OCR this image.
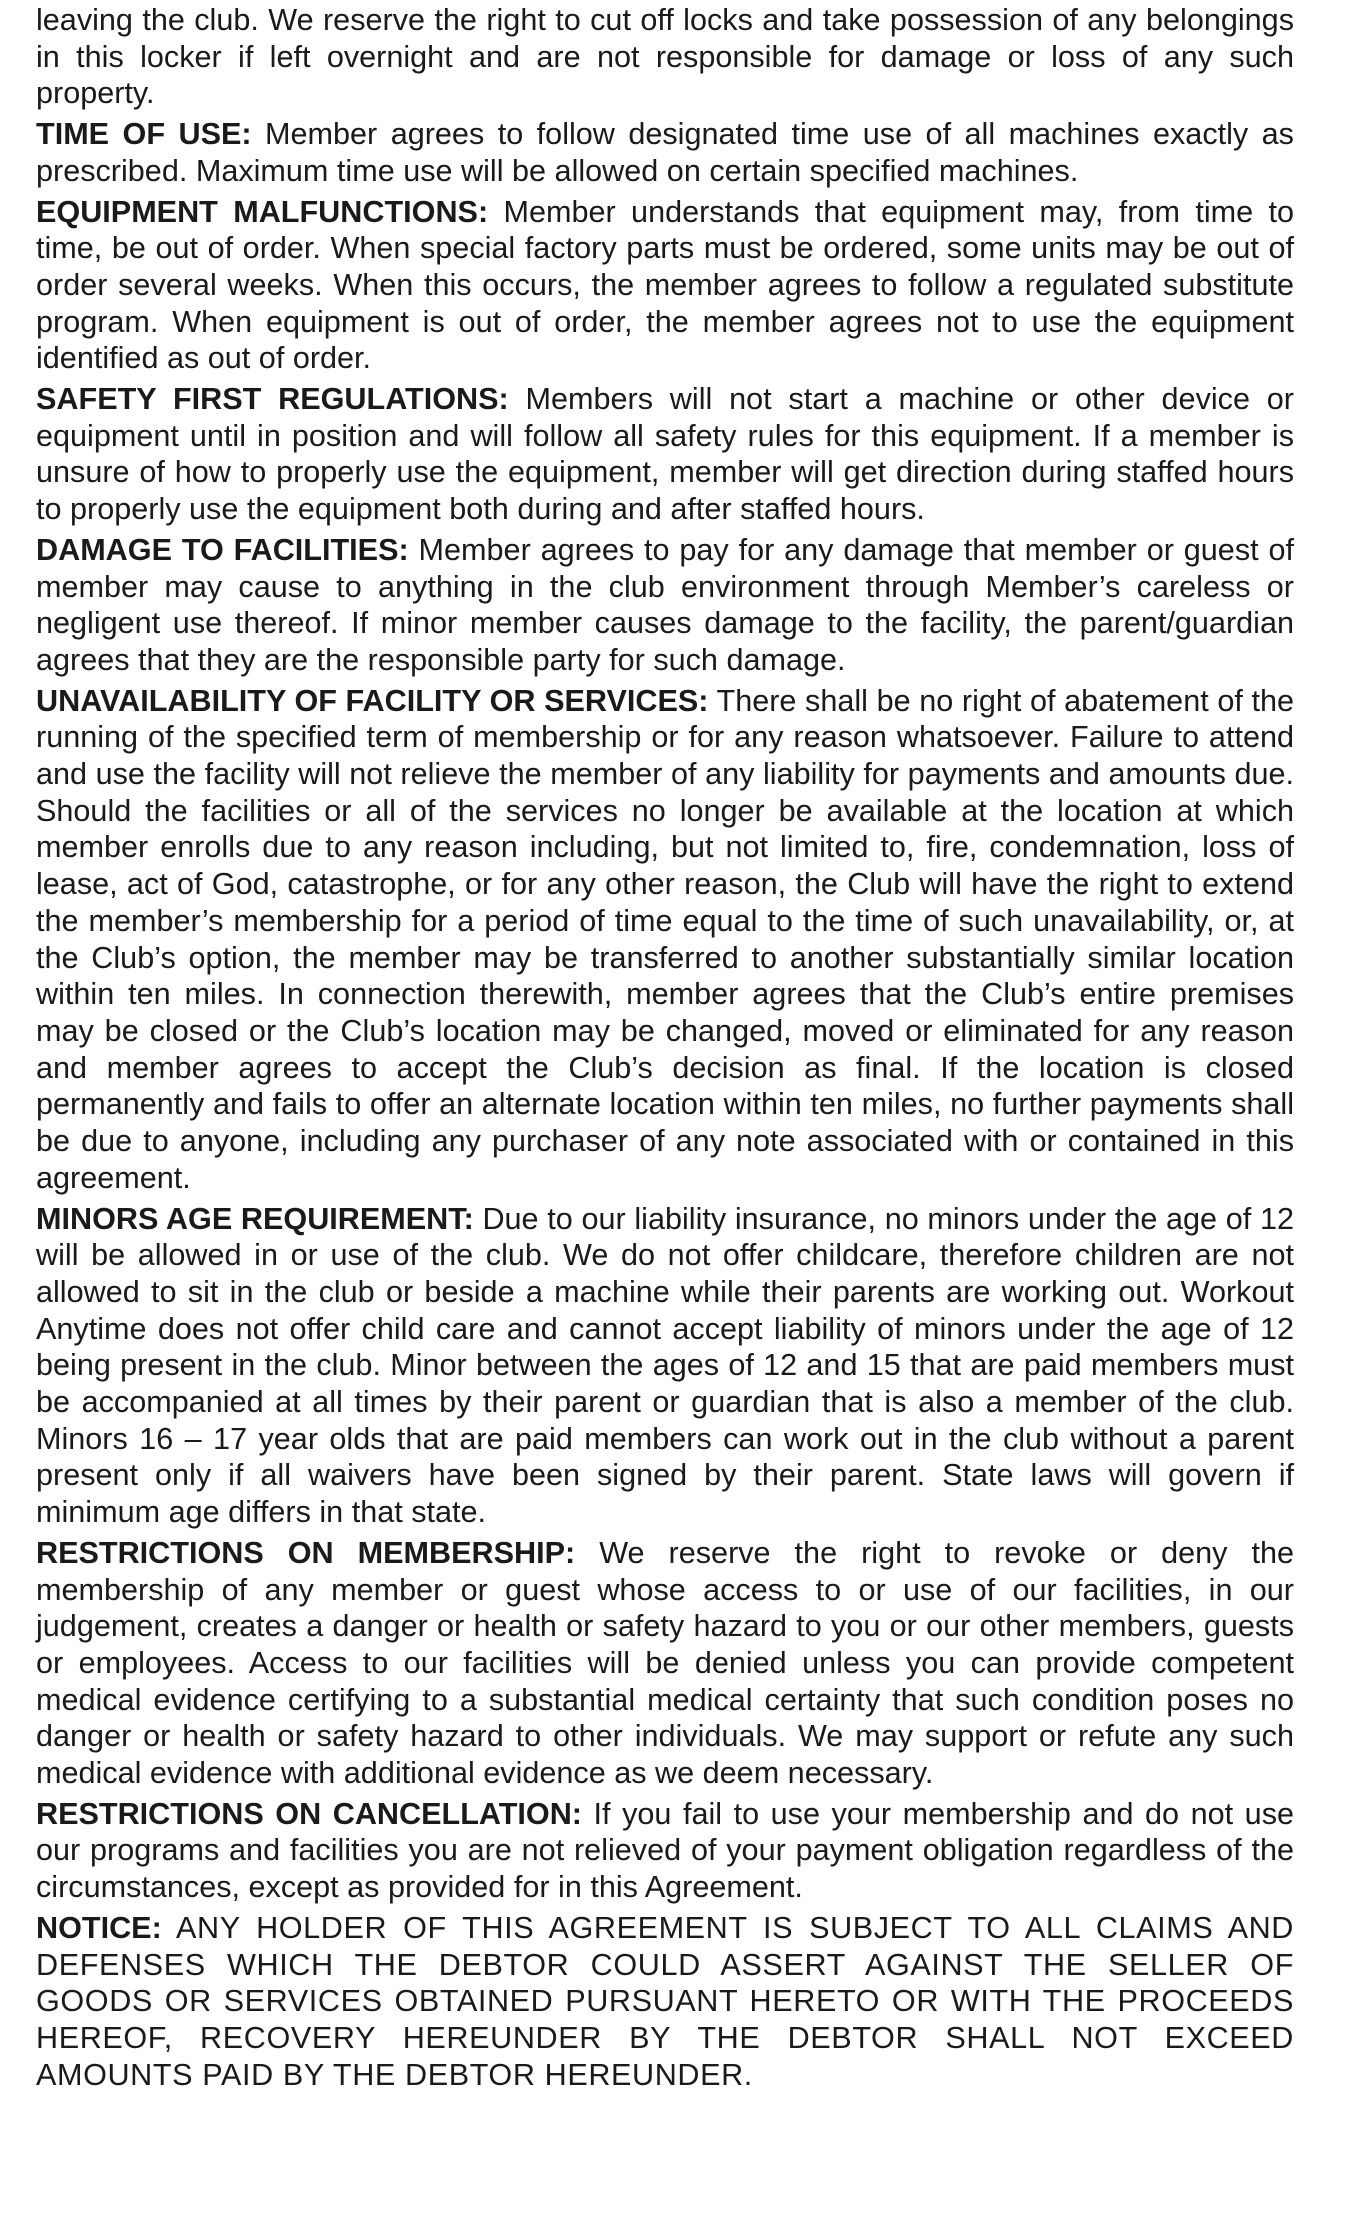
leaving the club. We reserve the right to cut off locks and take possession of any belongings in this locker if left overnight and are not responsible for damage or loss of any such property.

TIME OF USE: Member agrees to follow designated time use of all machines exactly as prescribed. Maximum time use will be allowed on certain specified machines.

EQUIPMENT MALFUNCTIONS: Member understands that equipment may, from time to time, be out of order. When special factory parts must be ordered, some units may be out of order several weeks. When this occurs, the member agrees to follow a regulated substitute program. When equipment is out of order, the member agrees not to use the equipment identified as out of order.

SAFETY FIRST REGULATIONS: Members will not start a machine or other device or equipment until in position and will follow all safety rules for this equipment. If a member is unsure of how to properly use the equipment, member will get direction during staffed hours to properly use the equipment both during and after staffed hours.

DAMAGE TO FACILITIES: Member agrees to pay for any damage that member or guest of member may cause to anything in the club environment through Member’s careless or negligent use thereof. If minor member causes damage to the facility, the parent/guardian agrees that they are the responsible party for such damage.

UNAVAILABILITY OF FACILITY OR SERVICES: There shall be no right of abatement of the running of the specified term of membership or for any reason whatsoever. Failure to attend and use the facility will not relieve the member of any liability for payments and amounts due. Should the facilities or all of the services no longer be available at the location at which member enrolls due to any reason including, but not limited to, fire, condemnation, loss of lease, act of God, catastrophe, or for any other reason, the Club will have the right to extend the member’s membership for a period of time equal to the time of such unavailability, or, at the Club’s option, the member may be transferred to another substantially similar location within ten miles. In connection therewith, member agrees that the Club’s entire premises may be closed or the Club’s location may be changed, moved or eliminated for any reason and member agrees to accept the Club’s decision as final. If the location is closed permanently and fails to offer an alternate location within ten miles, no further payments shall be due to anyone, including any purchaser of any note associated with or contained in this agreement.

MINORS AGE REQUIREMENT: Due to our liability insurance, no minors under the age of 12 will be allowed in or use of the club. We do not offer childcare, therefore children are not allowed to sit in the club or beside a machine while their parents are working out. Workout Anytime does not offer child care and cannot accept liability of minors under the age of 12 being present in the club. Minor between the ages of 12 and 15 that are paid members must be accompanied at all times by their parent or guardian that is also a member of the club. Minors 16 – 17 year olds that are paid members can work out in the club without a parent present only if all waivers have been signed by their parent. State laws will govern if minimum age differs in that state.

RESTRICTIONS ON MEMBERSHIP: We reserve the right to revoke or deny the membership of any member or guest whose access to or use of our facilities, in our judgement, creates a danger or health or safety hazard to you or our other members, guests or employees. Access to our facilities will be denied unless you can provide competent medical evidence certifying to a substantial medical certainty that such condition poses no danger or health or safety hazard to other individuals. We may support or refute any such medical evidence with additional evidence as we deem necessary.

RESTRICTIONS ON CANCELLATION: If you fail to use your membership and do not use our programs and facilities you are not relieved of your payment obligation regardless of the circumstances, except as provided for in this Agreement.

NOTICE: ANY HOLDER OF THIS AGREEMENT IS SUBJECT TO ALL CLAIMS AND DEFENSES WHICH THE DEBTOR COULD ASSERT AGAINST THE SELLER OF GOODS OR SERVICES OBTAINED PURSUANT HERETO OR WITH THE PROCEEDS HEREOF, RECOVERY HEREUNDER BY THE DEBTOR SHALL NOT EXCEED AMOUNTS PAID BY THE DEBTOR HEREUNDER.
